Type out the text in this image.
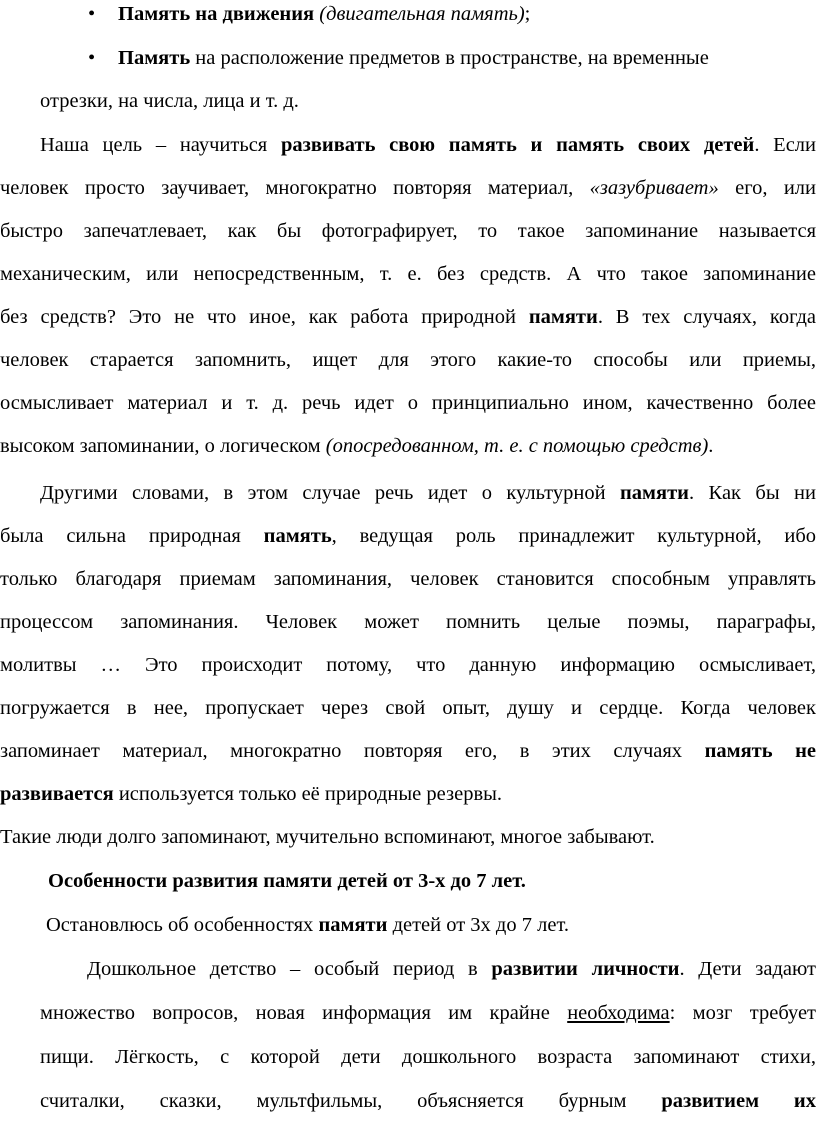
• Память на движения (двигательная память);
• Память на расположение предметов в пространстве, на временные
отрезки, на числа, лица и т. д.
Наша цель – научиться развивать свою память и память своих детей. Если
человек просто заучивает, многократно повторяя материал, «зазубривает» его, или
быстро запечатлевает, как бы фотографирует, то такое запоминание называется
механическим, или непосредственным, т. е. без средств. А что такое запоминание
без средств? Это не что иное, как работа природной памяти. В тех случаях, когда
человек старается запомнить, ищет для этого какие-то способы или приемы,
осмысливает материал и т. д. речь идет о принципиально ином, качественно более
высоком запоминании, о логическом (опосредованном, т. е. с помощью средств).
Другими словами, в этом случае речь идет о культурной памяти. Как бы ни
была сильна природная память, ведущая роль принадлежит культурной, ибо
только благодаря приемам запоминания, человек становится способным управлять
процессом запоминания. Человек может помнить целые поэмы, параграфы,
молитвы … Это происходит потому, что данную информацию осмысливает,
погружается в нее, пропускает через свой опыт, душу и сердце. Когда человек
запоминает материал, многократно повторяя его, в этих случаях память не
развивается используется только её природные резервы.
Такие люди долго запоминают, мучительно вспоминают, многое забывают.
Особенности развития памяти детей от 3-х до 7 лет.
Остановлюсь об особенностях памяти детей от 3х до 7 лет.
Дошкольное детство – особый период в развитии личности. Дети задают
множество вопросов, новая информация им крайне необходима: мозг требует
пищи. Лёгкость, с которой дети дошкольного возраста запоминают стихи,
считалки, сказки, мультфильмы, объясняется бурным развитием их
